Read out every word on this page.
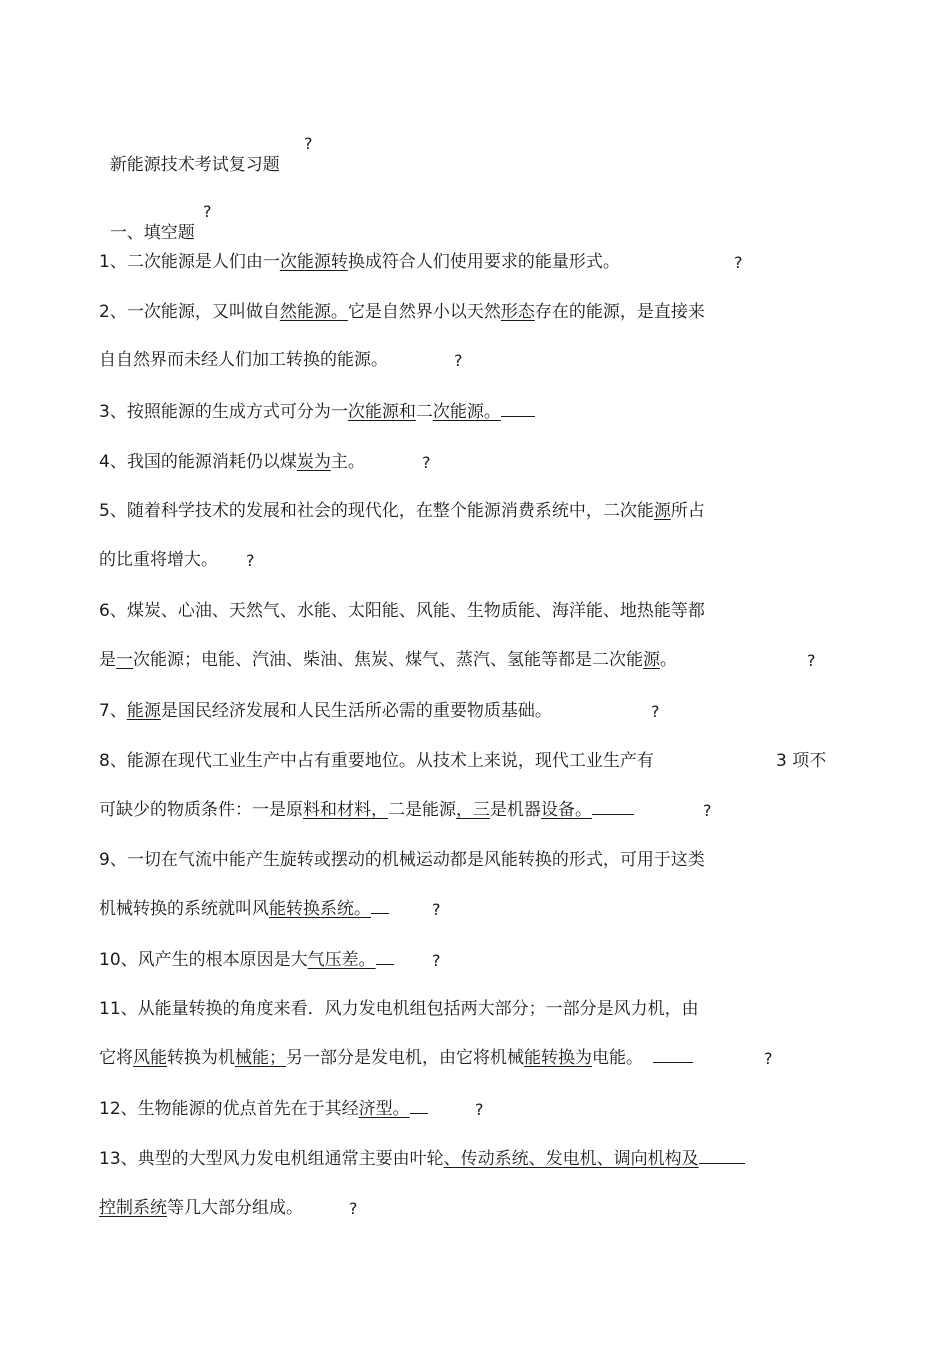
新能源技术考试复习题

?

一、填空题

?
1、二次能源是人们由一次能源转换成符合人们使用要求的能量形式。	?
2、一次能源，又叫做自然能源。它是自然界小以天然形态存在的能源，是直接来
自自然界而未经人们加工转换的能源。	?
3、按照能源的生成方式可分为一次能源和二次能源。
4、我国的能源消耗仍以煤炭为主。	?
5、随着科学技术的发展和社会的现代化，在整个能源消费系统中，二次能源所占
的比重将增大。 ?
6、煤炭、心油、天然气、水能、太阳能、风能、生物质能、海洋能、地热能等都
是一次能源；电能、汽油、柴油、焦炭、煤气、蒸汽、氢能等都是二次能源。	?
7、能源是国民经济发展和人民生活所必需的重要物质基础。	?
8、能源在现代工业生产中占有重要地位。从技术上来说，现代工业生产有	3 项不
可缺少的物质条件：一是原料和材料，二是能源，三是机器设备。	?
9、一切在气流中能产生旋转或摆动的机械运动都是风能转换的形式，可用于这类
机械转换的系统就叫风能转换系统。	?
10、风产生的根本原因是大气压差。	?
11、从能量转换的角度来看．风力发电机组包括两大部分；一部分是风力机，由
它将风能转换为机械能；另一部分是发电机，由它将机械能转换为电能。	?
12、生物能源的优点首先在于其经济型。	?
13、典型的大型风力发电机组通常主要由叶轮、传动系统、发电机、调向机构及
控制系统等几大部分组成。	?
